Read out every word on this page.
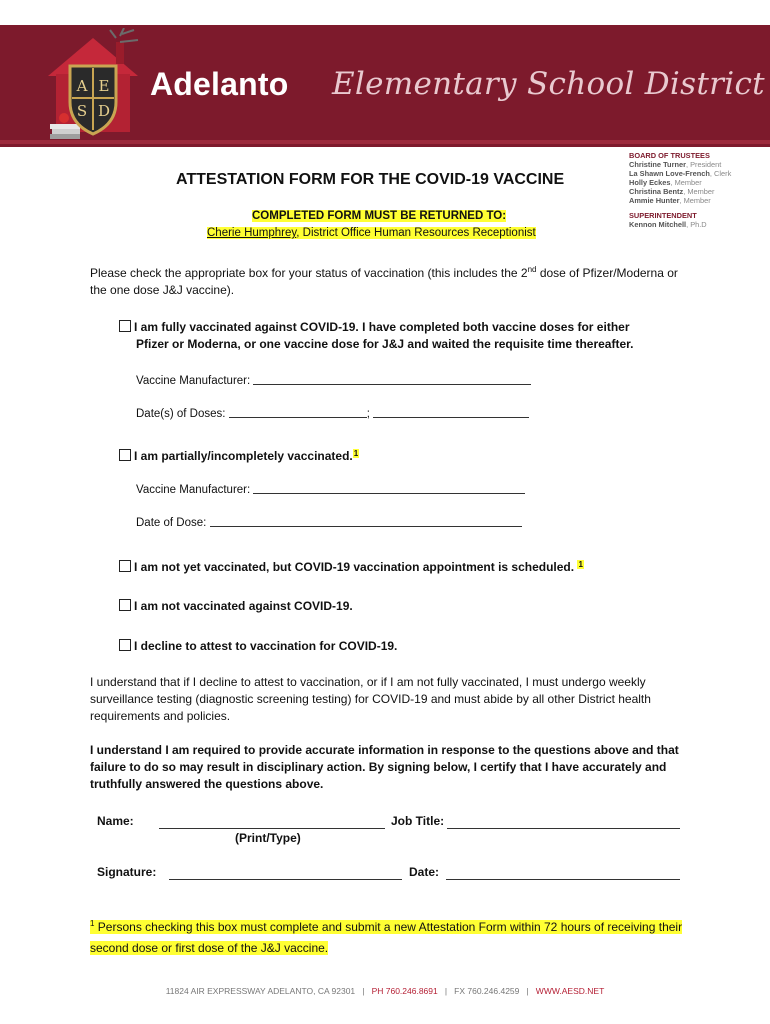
A E
S D
Adelanto Elementary School District
BOARD OF TRUSTEES
Christine Turner, President
La Shawn Love-French, Clerk
Holly Eckes, Member
Christina Bentz, Member
Ammie Hunter, Member
SUPERINTENDENT
Kennon Mitchell, Ph.D
ATTESTATION FORM FOR THE COVID-19 VACCINE
COMPLETED FORM MUST BE RETURNED TO:
Cherie Humphrey, District Office Human Resources Receptionist
Please check the appropriate box for your status of vaccination (this includes the 2nd dose of Pfizer/Moderna or the one dose J&J vaccine).
I am fully vaccinated against COVID-19. I have completed both vaccine doses for either
Pfizer or Moderna, or one vaccine dose for J&J and waited the requisite time thereafter.
Vaccine Manufacturer:
Date(s) of Doses:	;
I am partially/incompletely vaccinated.$^1$
Vaccine Manufacturer:
Date of Dose:
I am not yet vaccinated, but COVID-19 vaccination appointment is scheduled. $^1$
I am not vaccinated against COVID-19.
I decline to attest to vaccination for COVID-19.
I understand that if I decline to attest to vaccination, or if I am not fully vaccinated, I must undergo weekly surveillance testing (diagnostic screening testing) for COVID-19 and must abide by all other District health requirements and policies.
I understand I am required to provide accurate information in response to the questions above and that failure to do so may result in disciplinary action. By signing below, I certify that I have accurately and truthfully answered the questions above.
Name:
(Print/Type)
Job Title:
Signature:	Date:
$^1$ Persons checking this box must complete and submit a new Attestation Form within 72 hours of receiving their second dose or first dose of the J&J vaccine.
11824 AIR EXPRESSWAY ADELANTO, CA 92301 | PH 760.246.8691 | FX 760.246.4259 | WWW.AESD.NET
